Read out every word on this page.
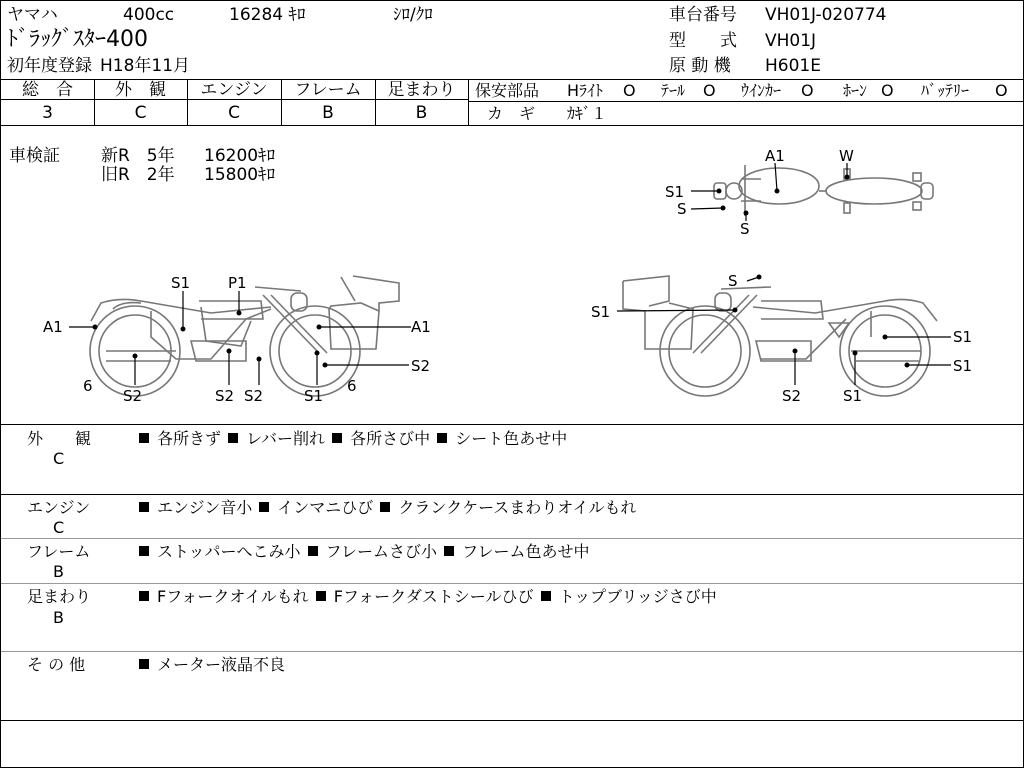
ヤマハ	400cc	16284 ｷﾛ	ｼﾛ/ｸﾛ
ﾄﾞﾗｯｸﾞｽﾀｰ400
初年度登録 H18年11月
車台番号 VH01J-020774
型　　式 VH01J
原 動 機 H601E
総　合	外　観	エンジン	フレーム	足まわり
3	C	C	B	B
保安部品 Hﾗｲﾄ O ﾃｰﾙ O ｳｲﾝｶｰ O ﾎｰﾝ O ﾊﾞｯﾃﾘｰ O
カ　ギ ｶｷﾞ１
車検証 新R　5年 16200ｷﾛ
旧R　2年 15800ｷﾛ
A1	W
S1
S
S
S1	P1
A1	A1
6
S2	S2 S2	S1
6
S2
S
S1
S1
S1
S2	S1
外　　観
C
各所きず レバー削れ 各所さび中 シート色あせ中
エンジン
C
エンジン音小 インマニひび クランクケースまわりオイルもれ
フレーム
B
ストッパーへこみ小 フレームさび小 フレーム色あせ中
足まわり
B
Fフォークオイルもれ Fフォークダストシールひび トップブリッジさび中
そ の 他	メーター液晶不良
